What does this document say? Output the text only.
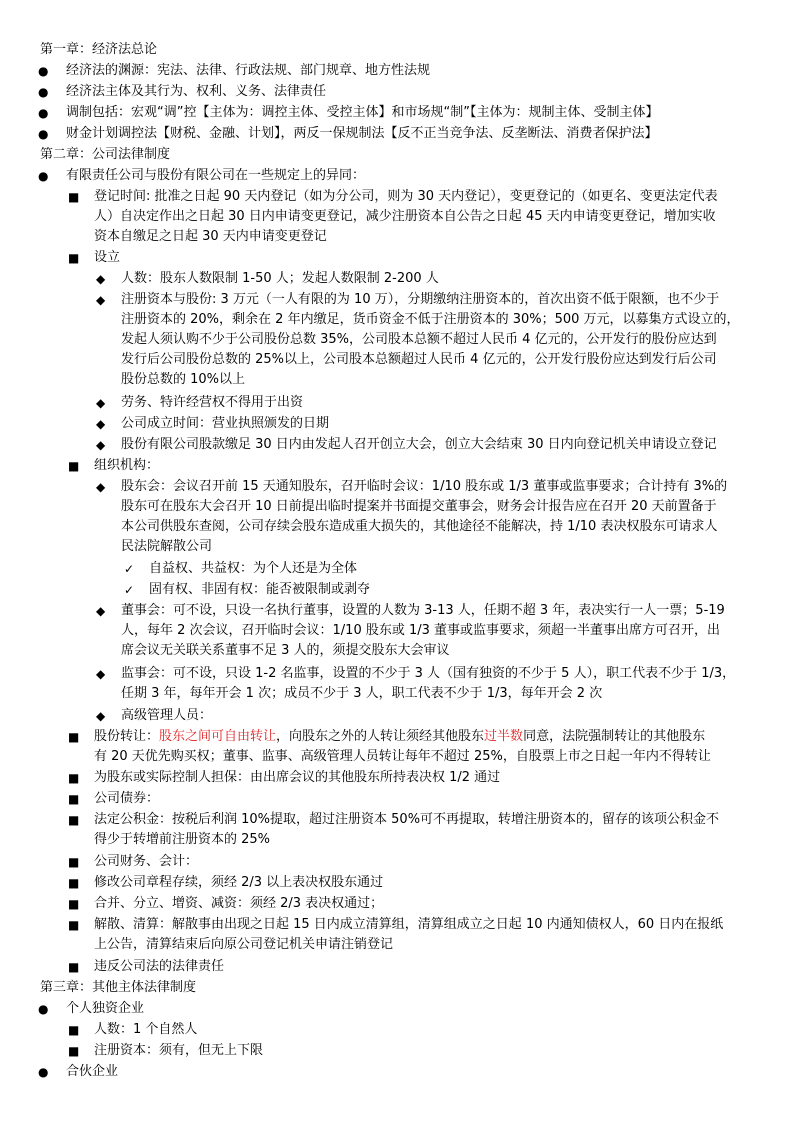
第一章：经济法总论
● 经济法的渊源：宪法、法律、行政法规、部门规章、地方性法规
● 经济法主体及其行为、权利、义务、法律责任
● 调制包括：宏观“调”控【主体为：调控主体、受控主体】和市场规“制”【主体为：规制主体、受制主体】
● 财金计划调控法【财税、金融、计划】，两反一保规制法【反不正当竞争法、反垄断法、消费者保护法】
第二章：公司法律制度
● 有限责任公司与股份有限公司在一些规定上的异同：
■ 登记时间: 批准之日起 90 天内登记（如为分公司，则为 30 天内登记），变更登记的（如更名、变更法定代表
人）自决定作出之日起 30 日内申请变更登记，减少注册资本自公告之日起 45 天内申请变更登记，增加实收
资本自缴足之日起 30 天内申请变更登记
■ 设立
◆ 人数：股东人数限制 1-50 人；发起人数限制 2-200 人
◆ 注册资本与股份: 3 万元（一人有限的为 10 万），分期缴纳注册资本的，首次出资不低于限额，也不少于
注册资本的 20%，剩余在 2 年内缴足，货币资金不低于注册资本的 30%；500 万元，以募集方式设立的，
发起人须认购不少于公司股份总数 35%，公司股本总额不超过人民币 4 亿元的，公开发行的股份应达到
发行后公司股份总数的 25%以上，公司股本总额超过人民币 4 亿元的，公开发行股份应达到发行后公司
股份总数的 10%以上
◆ 劳务、特许经营权不得用于出资
◆ 公司成立时间：营业执照颁发的日期
◆ 股份有限公司股款缴足 30 日内由发起人召开创立大会，创立大会结束 30 日内向登记机关申请设立登记
■ 组织机构：
◆ 股东会：会议召开前 15 天通知股东，召开临时会议：1/10 股东或 1/3 董事或监事要求；合计持有 3%的
股东可在股东大会召开 10 日前提出临时提案并书面提交董事会，财务会计报告应在召开 20 天前置备于
本公司供股东查阅，公司存续会股东造成重大损失的，其他途径不能解决，持 1/10 表决权股东可请求人
民法院解散公司
✓ 自益权、共益权：为个人还是为全体
✓ 固有权、非固有权：能否被限制或剥夺
◆ 董事会：可不设，只设一名执行董事，设置的人数为 3-13 人，任期不超 3 年，表决实行一人一票；5-19
人，每年 2 次会议，召开临时会议：1/10 股东或 1/3 董事或监事要求，须超一半董事出席方可召开，出
席会议无关联关系董事不足 3 人的，须提交股东大会审议
◆ 监事会：可不设，只设 1-2 名监事，设置的不少于 3 人（国有独资的不少于 5 人），职工代表不少于 1/3，
任期 3 年，每年开会 1 次；成员不少于 3 人，职工代表不少于 1/3，每年开会 2 次
◆ 高级管理人员：
■ 股份转让：股东之间可自由转让，向股东之外的人转让须经其他股东过半数同意，法院强制转让的其他股东
有 20 天优先购买权；董事、监事、高级管理人员转让每年不超过 25%，自股票上市之日起一年内不得转让
■ 为股东或实际控制人担保：由出席会议的其他股东所持表决权 1/2 通过
■ 公司债券：
■ 法定公积金：按税后利润 10%提取，超过注册资本 50%可不再提取，转增注册资本的，留存的该项公积金不
得少于转增前注册资本的 25%
■ 公司财务、会计：
■ 修改公司章程存续，须经 2/3 以上表决权股东通过
■ 合并、分立、增资、减资：须经 2/3 表决权通过；
■ 解散、清算：解散事由出现之日起 15 日内成立清算组，清算组成立之日起 10 内通知债权人，60 日内在报纸
上公告，清算结束后向原公司登记机关申请注销登记
■ 违反公司法的法律责任
第三章：其他主体法律制度
● 个人独资企业
■ 人数：1 个自然人
■ 注册资本：须有，但无上下限
● 合伙企业
